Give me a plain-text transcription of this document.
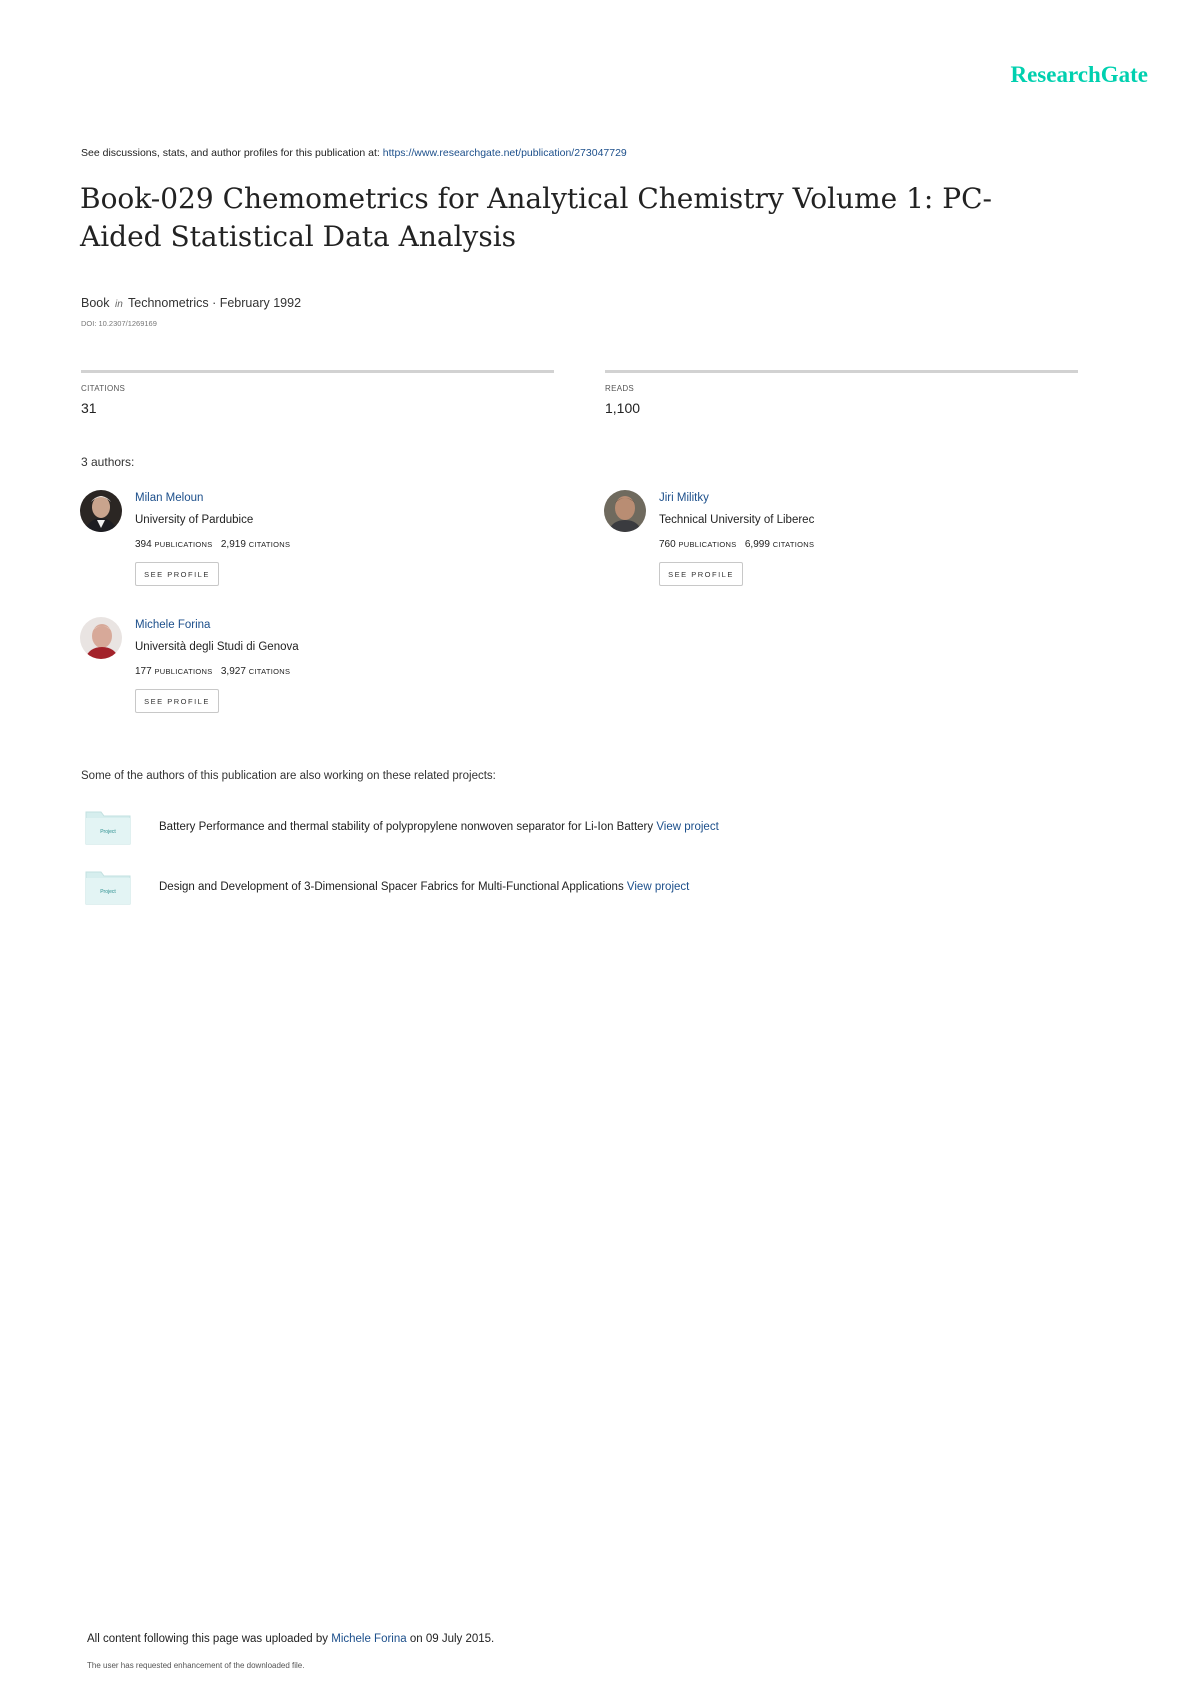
ResearchGate
See discussions, stats, and author profiles for this publication at: https://www.researchgate.net/publication/273047729
Book-029 Chemometrics for Analytical Chemistry Volume 1: PC-Aided Statistical Data Analysis
Book in Technometrics · February 1992
DOI: 10.2307/1269169
CITATIONS
31
READS
1,100
3 authors:
Milan Meloun
University of Pardubice
394 PUBLICATIONS 2,919 CITATIONS
SEE PROFILE
Jiri Militky
Technical University of Liberec
760 PUBLICATIONS 6,999 CITATIONS
SEE PROFILE
Michele Forina
Università degli Studi di Genova
177 PUBLICATIONS 3,927 CITATIONS
SEE PROFILE
Some of the authors of this publication are also working on these related projects:
Project	Battery Performance and thermal stability of polypropylene nonwoven separator for Li-Ion Battery View project
Project	Design and Development of 3-Dimensional Spacer Fabrics for Multi-Functional Applications View project
All content following this page was uploaded by Michele Forina on 09 July 2015.
The user has requested enhancement of the downloaded file.
